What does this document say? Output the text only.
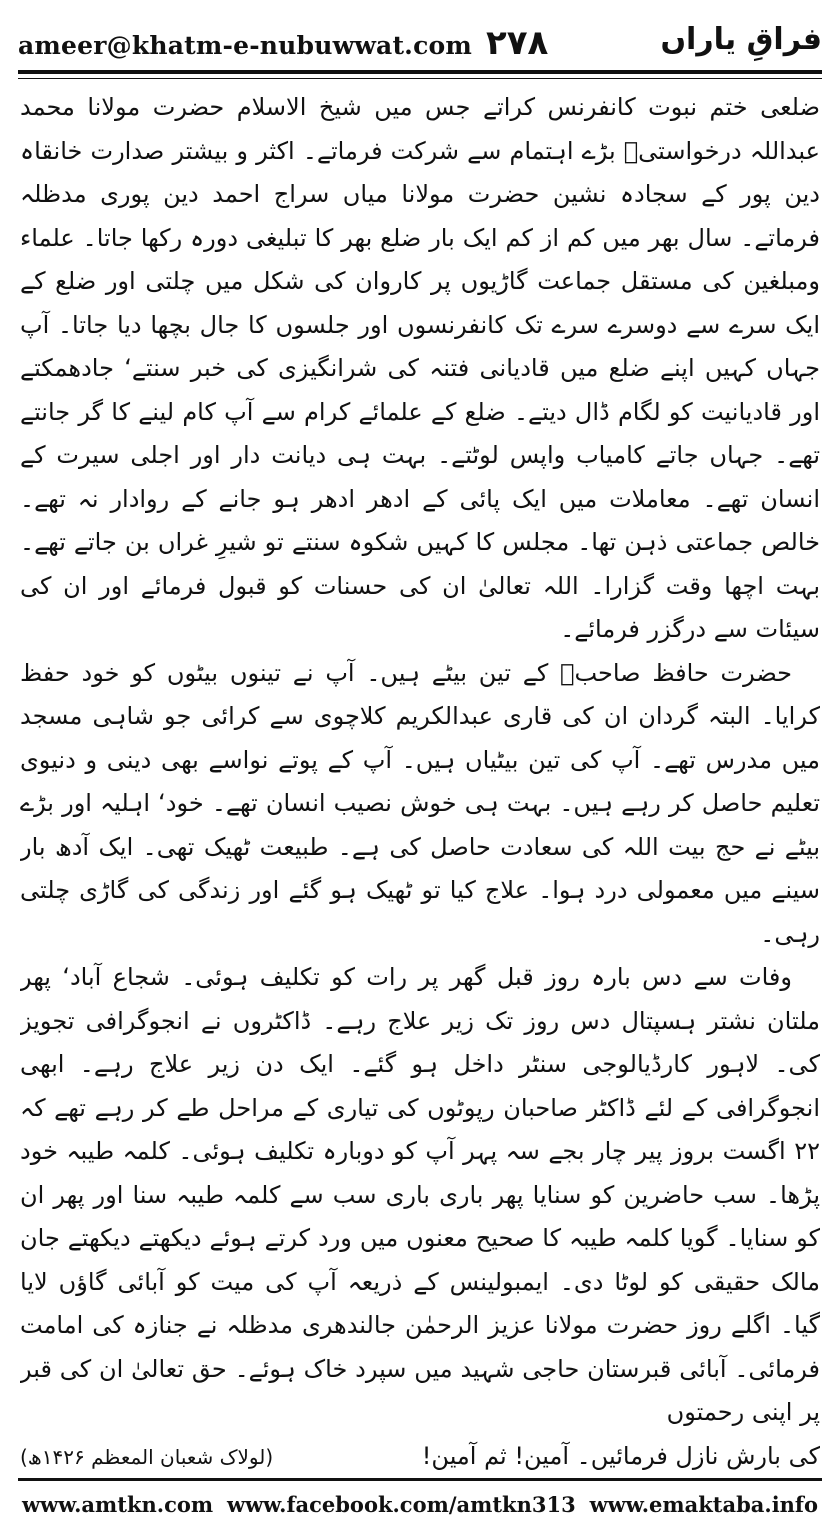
ameer@khatm-e-nubuwwat.com ۲۷۸	فراقِ یاراں

ضلعی ختم نبوت کانفرنس کراتے جس میں شیخ الاسلام حضرت مولانا محمد عبداللہ درخواستیؒ بڑے اہتمام سے شرکت فرماتے۔ اکثر و بیشتر صدارت خانقاہ دین پور کے سجادہ نشین حضرت مولانا میاں سراج احمد دین پوری مدظلہ فرماتے۔ سال بھر میں کم از کم ایک بار ضلع بھر کا تبلیغی دورہ رکھا جاتا۔ علماء ومبلغین کی مستقل جماعت گاڑیوں پر کاروان کی شکل میں چلتی اور ضلع کے ایک سرے سے دوسرے سرے تک کانفرنسوں اور جلسوں کا جال بچھا دیا جاتا۔ آپ جہاں کہیں اپنے ضلع میں قادیانی فتنہ کی شرانگیزی کی خبر سنتے‘ جادھمکتے اور قادیانیت کو لگام ڈال دیتے۔ ضلع کے علمائے کرام سے آپ کام لینے کا گر جانتے تھے۔ جہاں جاتے کامیاب واپس لوٹتے۔ بہت ہی دیانت دار اور اجلی سیرت کے انسان تھے۔ معاملات میں ایک پائی کے ادھر ادھر ہو جانے کے روادار نہ تھے۔ خالص جماعتی ذہن تھا۔ مجلس کا کہیں شکوہ سنتے تو شیرِ غراں بن جاتے تھے۔ بہت اچھا وقت گزارا۔ اللہ تعالیٰ ان کی حسنات کو قبول فرمائے اور ان کی سیئات سے درگزر فرمائے۔

حضرت حافظ صاحبؒ کے تین بیٹے ہیں۔ آپ نے تینوں بیٹوں کو خود حفظ کرایا۔ البتہ گردان ان کی قاری عبدالکریم کلاچوی سے کرائی جو شاہی مسجد میں مدرس تھے۔ آپ کی تین بیٹیاں ہیں۔ آپ کے پوتے نواسے بھی دینی و دنیوی تعلیم حاصل کر رہے ہیں۔ بہت ہی خوش نصیب انسان تھے۔ خود‘ اہلیہ اور بڑے بیٹے نے حج بیت اللہ کی سعادت حاصل کی ہے۔ طبیعت ٹھیک تھی۔ ایک آدھ بار سینے میں معمولی درد ہوا۔ علاج کیا تو ٹھیک ہو گئے اور زندگی کی گاڑی چلتی رہی۔

وفات سے دس بارہ روز قبل گھر پر رات کو تکلیف ہوئی۔ شجاع آباد‘ پھر ملتان نشتر ہسپتال دس روز تک زیر علاج رہے۔ ڈاکٹروں نے انجوگرافی تجویز کی۔ لاہور کارڈیالوجی سنٹر داخل ہو گئے۔ ایک دن زیر علاج رہے۔ ابھی انجوگرافی کے لئے ڈاکٹر صاحبان رپوٹوں کی تیاری کے مراحل طے کر رہے تھے کہ ۲۲ اگست بروز پیر چار بجے سہ پہر آپ کو دوبارہ تکلیف ہوئی۔ کلمہ طیبہ خود پڑھا۔ سب حاضرین کو سنایا پھر باری باری سب سے کلمہ طیبہ سنا اور پھر ان کو سنایا۔ گویا کلمہ طیبہ کا صحیح معنوں میں ورد کرتے ہوئے دیکھتے دیکھتے جان مالک حقیقی کو لوٹا دی۔ ایمبولینس کے ذریعہ آپ کی میت کو آبائی گاؤں لایا گیا۔ اگلے روز حضرت مولانا عزیز الرحمٰن جالندھری مدظلہ نے جنازہ کی امامت فرمائی۔ آبائی قبرستان حاجی شہید میں سپرد خاک ہوئے۔ حق تعالیٰ ان کی قبر پر اپنی رحمتوں

کی بارش نازل فرمائیں۔ آمین! ثم آمین!
(لولاک شعبان المعظم ۱۴۲۶ھ)
www.amtkn.com www.facebook.com/amtkn313 www.emaktaba.info
